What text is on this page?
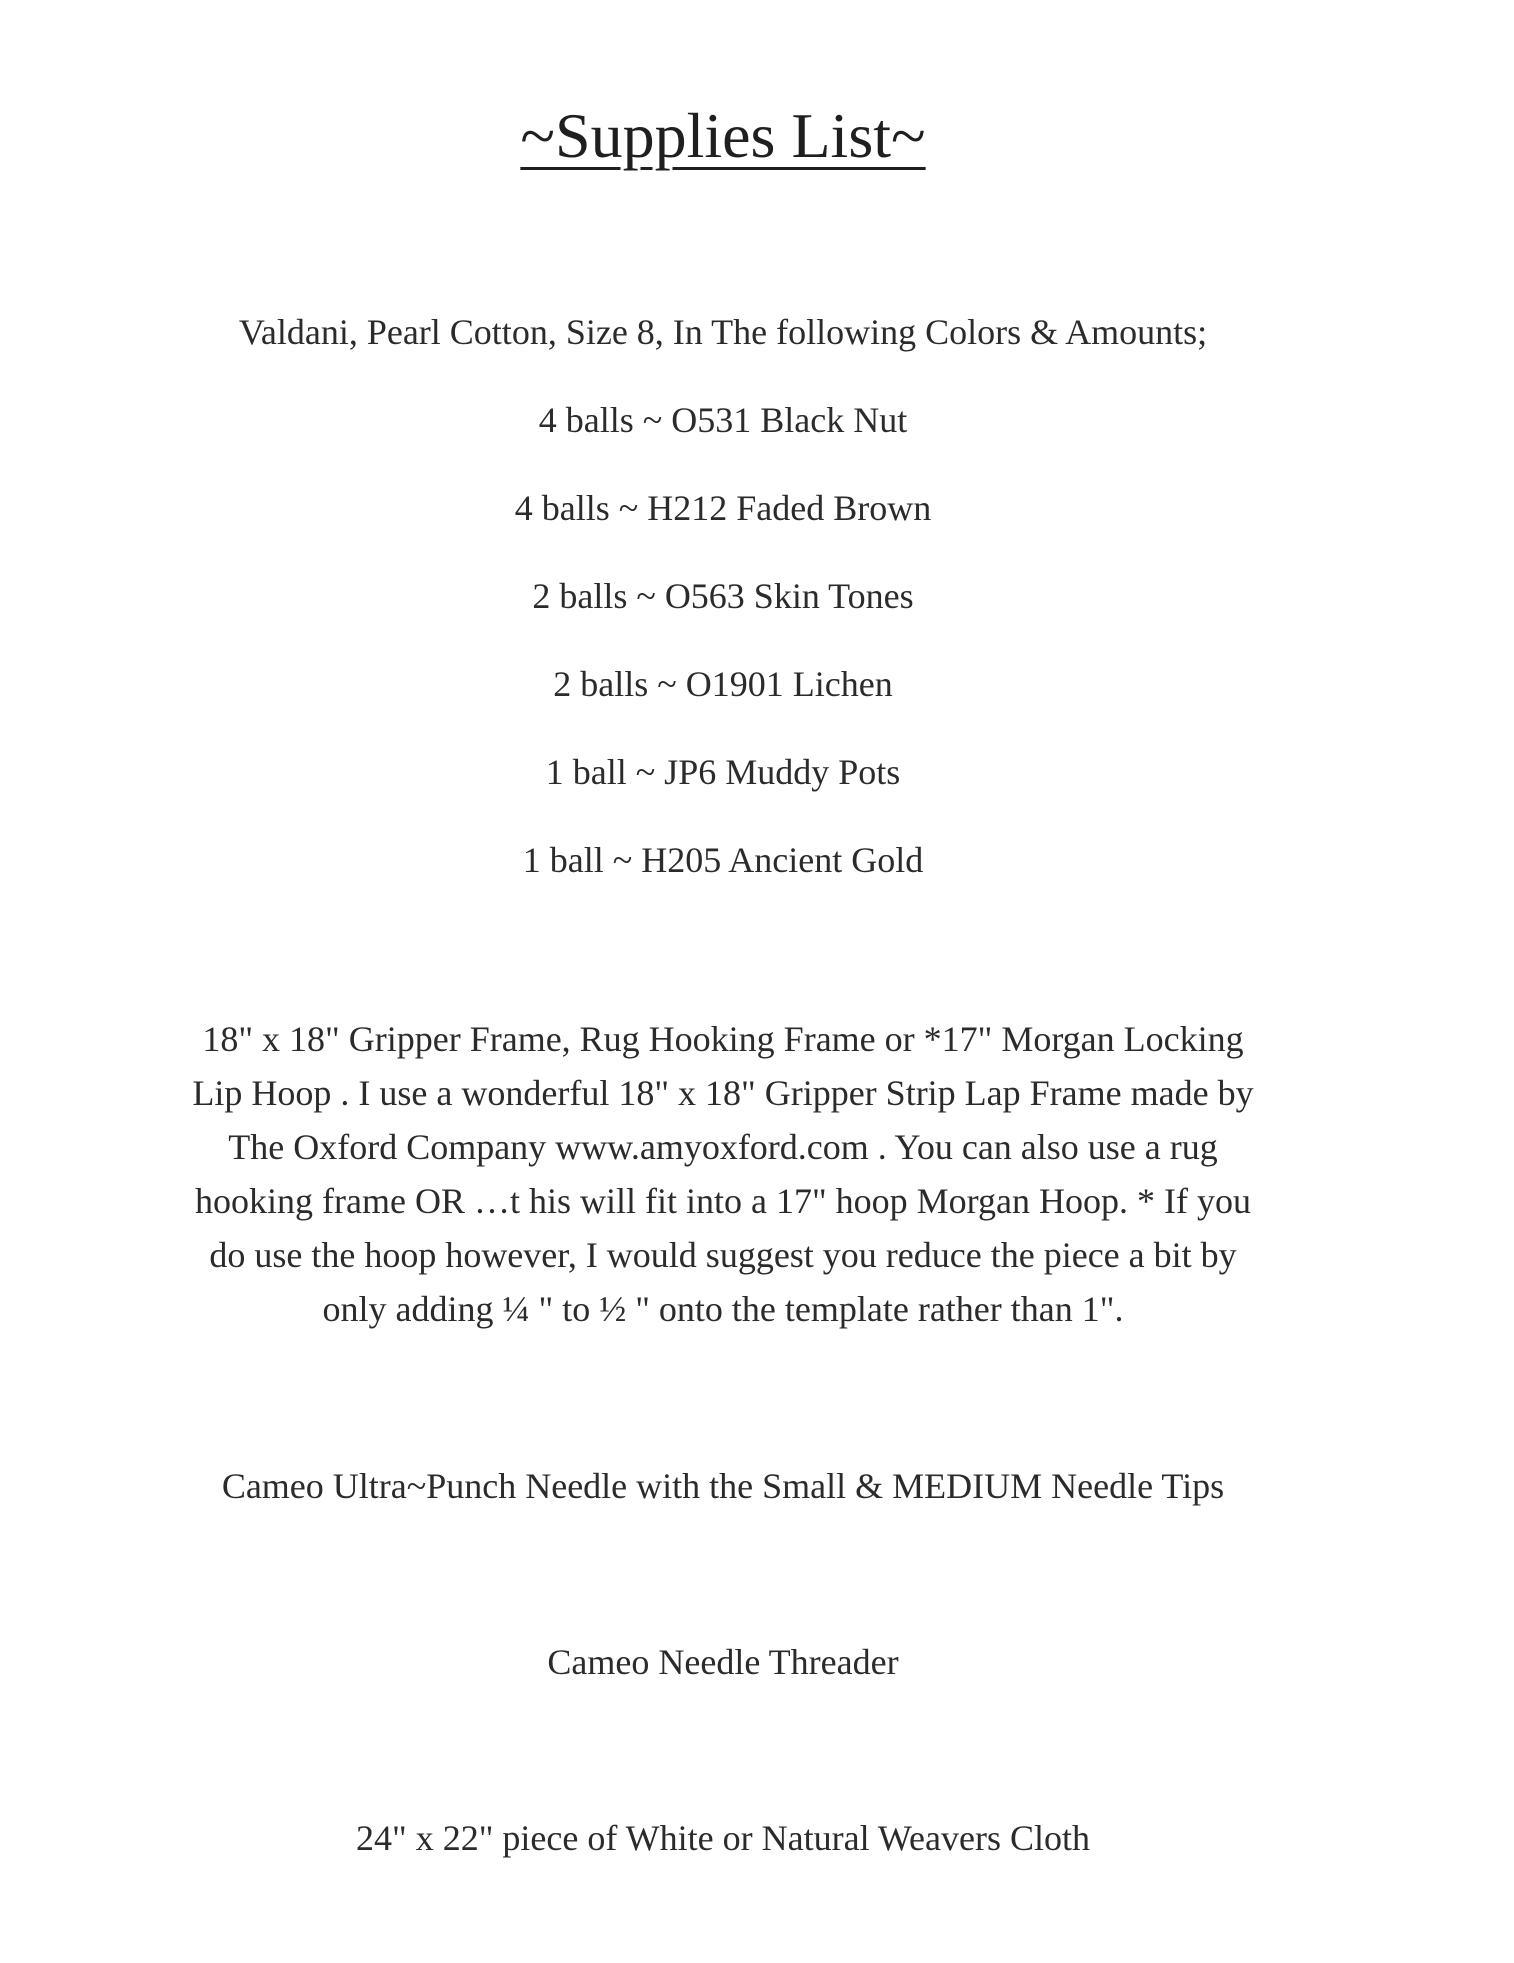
~Supplies List~
Valdani, Pearl Cotton, Size 8, In The following Colors & Amounts;
4 balls ~ O531 Black Nut
4 balls ~ H212 Faded Brown
2 balls ~ O563 Skin Tones
2 balls ~ O1901 Lichen
1 ball ~ JP6 Muddy Pots
1 ball ~ H205 Ancient Gold
18" x 18" Gripper Frame, Rug Hooking Frame or *17" Morgan Locking
Lip Hoop . I use a wonderful 18" x 18" Gripper Strip Lap Frame made by
The Oxford Company www.amyoxford.com . You can also use a rug
hooking frame OR …t his will fit into a 17" hoop Morgan Hoop. * If you
do use the hoop however, I would suggest you reduce the piece a bit by
only adding ¼ " to ½ " onto the template rather than 1".
Cameo Ultra~Punch Needle with the Small & MEDIUM Needle Tips
Cameo Needle Threader
24" x 22" piece of White or Natural Weavers Cloth
